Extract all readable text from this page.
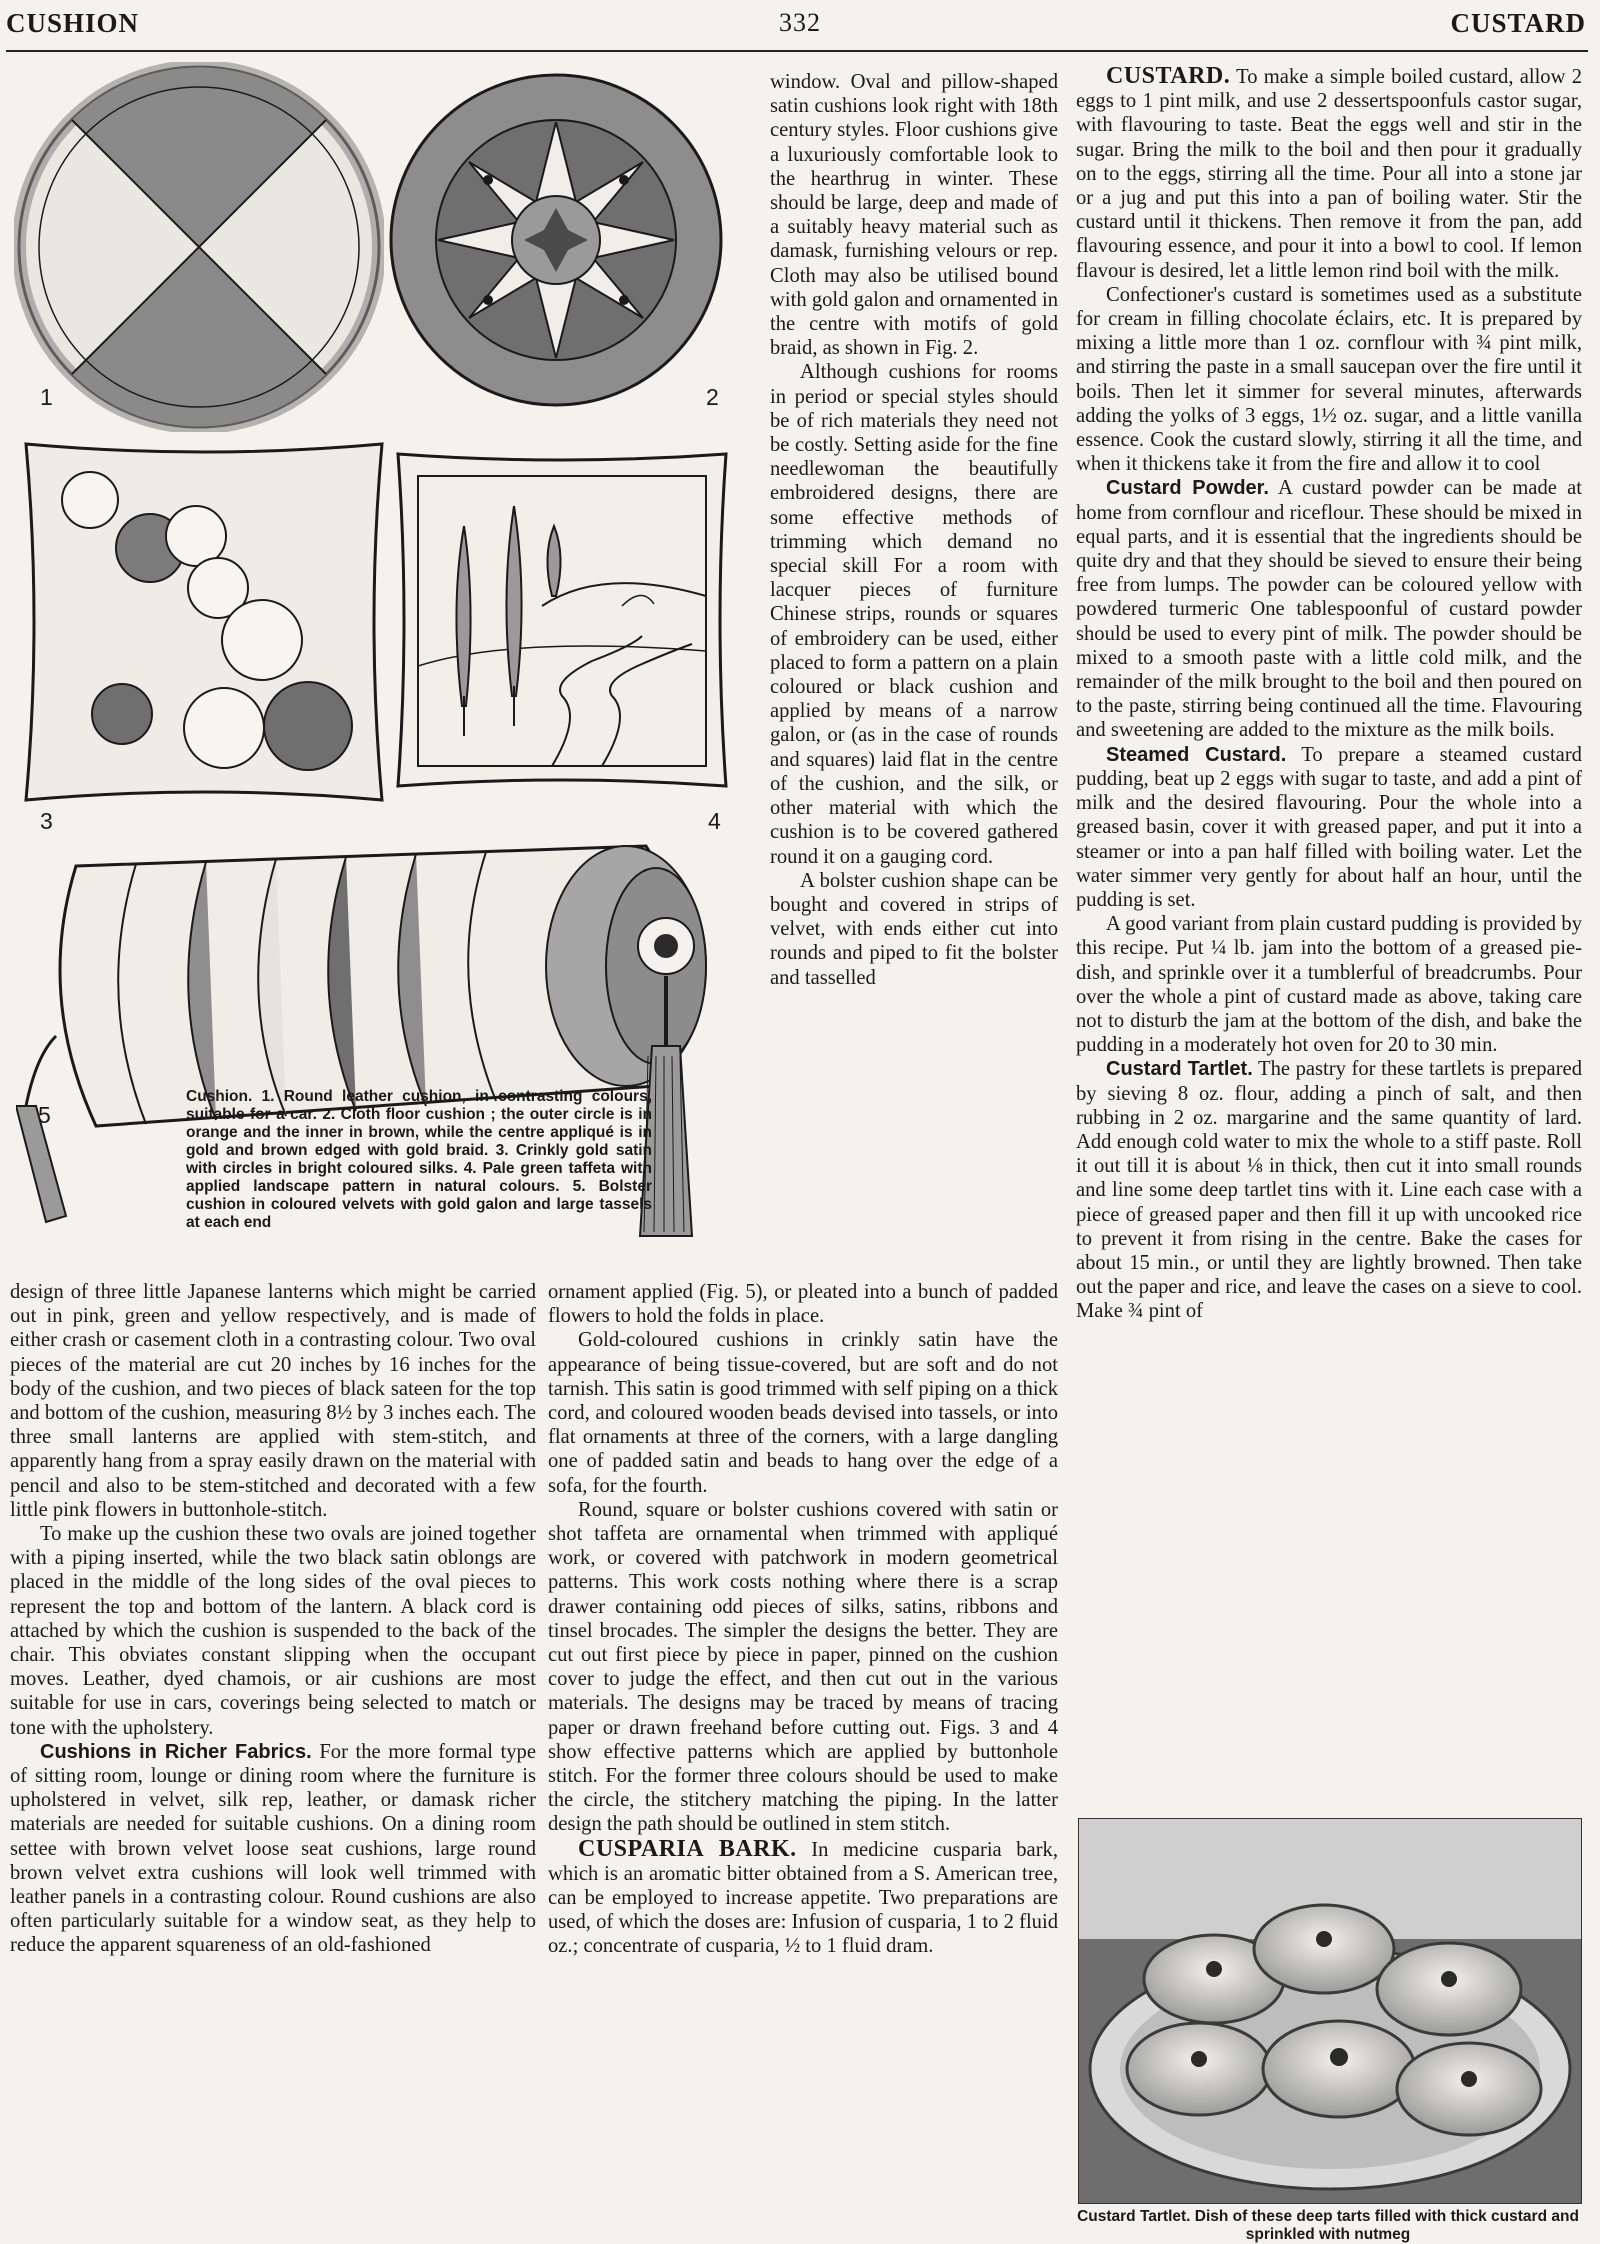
CUSHION	332	CUSTARD
1	2
3	4
5
Cushion. 1. Round leather cushion, in contrasting colours, suitable for a car. 2. Cloth floor cushion ; the outer circle is in orange and the inner in brown, while the centre appliqué is in gold and brown edged with gold braid. 3. Crinkly gold satin with circles in bright coloured silks. 4. Pale green taffeta with applied landscape pattern in natural colours. 5. Bolster cushion in coloured velvets with gold galon and large tassels at each end

window. Oval and pillow-shaped satin cushions look right with 18th century styles. Floor cushions give a luxuriously comfortable look to the hearthrug in winter. These should be large, deep and made of a suitably heavy material such as damask, furnishing velours or rep. Cloth may also be utilised bound with gold galon and ornamented in the centre with motifs of gold braid, as shown in Fig. 2.

Although cushions for rooms in period or special styles should be of rich materials they need not be costly. Setting aside for the fine needlewoman the beautifully embroidered designs, there are some effective methods of trimming which demand no special skill For a room with lacquer pieces of furniture Chinese strips, rounds or squares of embroidery can be used, either placed to form a pattern on a plain coloured or black cushion and applied by means of a narrow galon, or (as in the case of rounds and squares) laid flat in the centre of the cushion, and the silk, or other material with which the cushion is to be covered gathered round it on a gauging cord.

A bolster cushion shape can be bought and covered in strips of velvet, with ends either cut into rounds and piped to fit the bolster and tasselled

design of three little Japanese lanterns which might be carried out in pink, green and yellow respectively, and is made of either crash or casement cloth in a contrasting colour. Two oval pieces of the material are cut 20 inches by 16 inches for the body of the cushion, and two pieces of black sateen for the top and bottom of the cushion, measuring 8½ by 3 inches each. The three small lanterns are applied with stem-stitch, and apparently hang from a spray easily drawn on the material with pencil and also to be stem-stitched and decorated with a few little pink flowers in buttonhole-stitch.

To make up the cushion these two ovals are joined together with a piping inserted, while the two black satin oblongs are placed in the middle of the long sides of the oval pieces to represent the top and bottom of the lantern. A black cord is attached by which the cushion is suspended to the back of the chair. This obviates constant slipping when the occupant moves. Leather, dyed chamois, or air cushions are most suitable for use in cars, coverings being selected to match or tone with the upholstery.

Cushions in Richer Fabrics. For the more formal type of sitting room, lounge or dining room where the furniture is upholstered in velvet, silk rep, leather, or damask richer materials are needed for suitable cushions. On a dining room settee with brown velvet loose seat cushions, large round brown velvet extra cushions will look well trimmed with leather panels in a contrasting colour. Round cushions are also often particularly suitable for a window seat, as they help to reduce the apparent squareness of an old-fashioned

ornament applied (Fig. 5), or pleated into a bunch of padded flowers to hold the folds in place.

Gold-coloured cushions in crinkly satin have the appearance of being tissue-covered, but are soft and do not tarnish. This satin is good trimmed with self piping on a thick cord, and coloured wooden beads devised into tassels, or into flat ornaments at three of the corners, with a large dangling one of padded satin and beads to hang over the edge of a sofa, for the fourth.

Round, square or bolster cushions covered with satin or shot taffeta are ornamental when trimmed with appliqué work, or covered with patchwork in modern geometrical patterns. This work costs nothing where there is a scrap drawer containing odd pieces of silks, satins, ribbons and tinsel brocades. The simpler the designs the better. They are cut out first piece by piece in paper, pinned on the cushion cover to judge the effect, and then cut out in the various materials. The designs may be traced by means of tracing paper or drawn freehand before cutting out. Figs. 3 and 4 show effective patterns which are applied by buttonhole stitch. For the former three colours should be used to make the circle, the stitchery matching the piping. In the latter design the path should be outlined in stem stitch.

CUSPARIA BARK. In medicine cusparia bark, which is an aromatic bitter obtained from a S. American tree, can be employed to increase appetite. Two preparations are used, of which the doses are: Infusion of cusparia, 1 to 2 fluid oz.; concentrate of cusparia, ½ to 1 fluid dram.

CUSTARD. To make a simple boiled custard, allow 2 eggs to 1 pint milk, and use 2 dessertspoonfuls castor sugar, with flavouring to taste. Beat the eggs well and stir in the sugar. Bring the milk to the boil and then pour it gradually on to the eggs, stirring all the time. Pour all into a stone jar or a jug and put this into a pan of boiling water. Stir the custard until it thickens. Then remove it from the pan, add flavouring essence, and pour it into a bowl to cool. If lemon flavour is desired, let a little lemon rind boil with the milk.

Confectioner's custard is sometimes used as a substitute for cream in filling chocolate éclairs, etc. It is prepared by mixing a little more than 1 oz. cornflour with ¾ pint milk, and stirring the paste in a small saucepan over the fire until it boils. Then let it simmer for several minutes, afterwards adding the yolks of 3 eggs, 1½ oz. sugar, and a little vanilla essence. Cook the custard slowly, stirring it all the time, and when it thickens take it from the fire and allow it to cool

Custard Powder. A custard powder can be made at home from cornflour and riceflour. These should be mixed in equal parts, and it is essential that the ingredients should be quite dry and that they should be sieved to ensure their being free from lumps. The powder can be coloured yellow with powdered turmeric One tablespoonful of custard powder should be used to every pint of milk. The powder should be mixed to a smooth paste with a little cold milk, and the remainder of the milk brought to the boil and then poured on to the paste, stirring being continued all the time. Flavouring and sweetening are added to the mixture as the milk boils.

Steamed Custard. To prepare a steamed custard pudding, beat up 2 eggs with sugar to taste, and add a pint of milk and the desired flavouring. Pour the whole into a greased basin, cover it with greased paper, and put it into a steamer or into a pan half filled with boiling water. Let the water simmer very gently for about half an hour, until the pudding is set.

A good variant from plain custard pudding is provided by this recipe. Put ¼ lb. jam into the bottom of a greased pie-dish, and sprinkle over it a tumblerful of breadcrumbs. Pour over the whole a pint of custard made as above, taking care not to disturb the jam at the bottom of the dish, and bake the pudding in a moderately hot oven for 20 to 30 min.

Custard Tartlet. The pastry for these tartlets is prepared by sieving 8 oz. flour, adding a pinch of salt, and then rubbing in 2 oz. margarine and the same quantity of lard. Add enough cold water to mix the whole to a stiff paste. Roll it out till it is about ⅛ in thick, then cut it into small rounds and line some deep tartlet tins with it. Line each case with a piece of greased paper and then fill it up with uncooked rice to prevent it from rising in the centre. Bake the cases for about 15 min., or until they are lightly browned. Then take out the paper and rice, and leave the cases on a sieve to cool. Make ¾ pint of

Custard Tartlet. Dish of these deep tarts filled with thick custard and sprinkled with nutmeg
